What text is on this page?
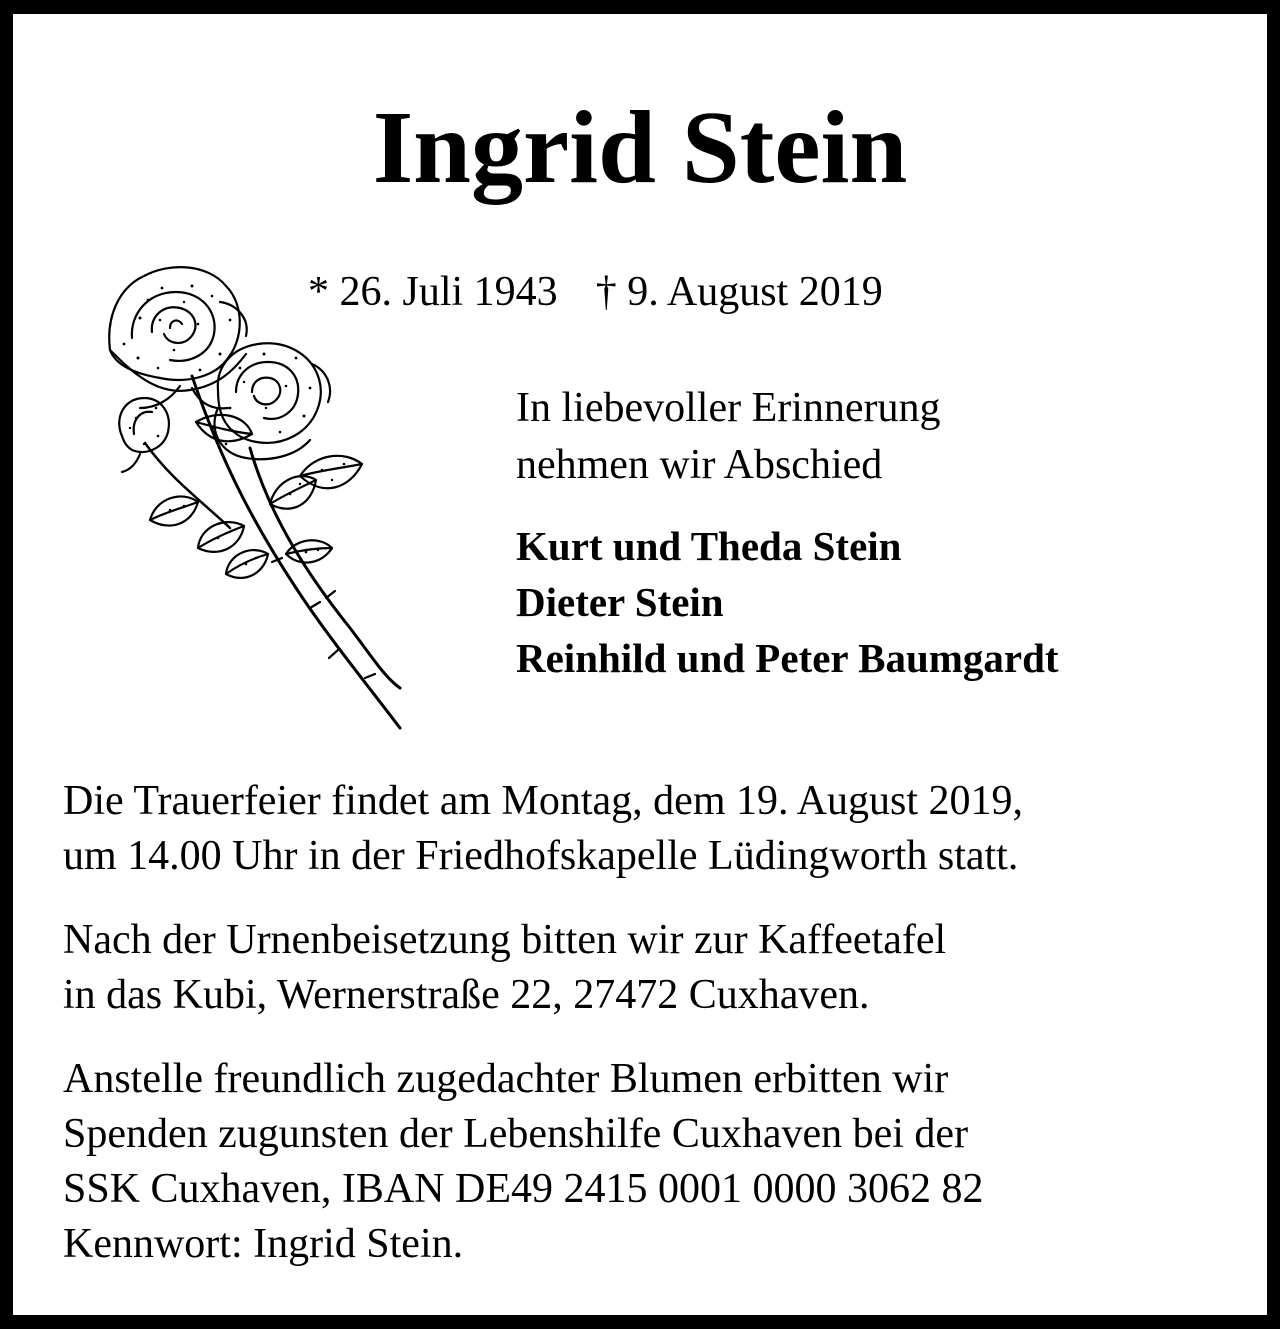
Ingrid Stein
* 26. Juli 1943 † 9. August 2019
In liebevoller Erinnerung
nehmen wir Abschied
Kurt und Theda Stein
Dieter Stein
Reinhild und Peter Baumgardt
Die Trauerfeier findet am Montag, dem 19. August 2019,
um 14.00 Uhr in der Friedhofskapelle Lüdingworth statt.
Nach der Urnenbeisetzung bitten wir zur Kaffeetafel
in das Kubi, Wernerstraße 22, 27472 Cuxhaven.
Anstelle freundlich zugedachter Blumen erbitten wir
Spenden zugunsten der Lebenshilfe Cuxhaven bei der
SSK Cuxhaven, IBAN DE49 2415 0001 0000 3062 82
Kennwort: Ingrid Stein.
